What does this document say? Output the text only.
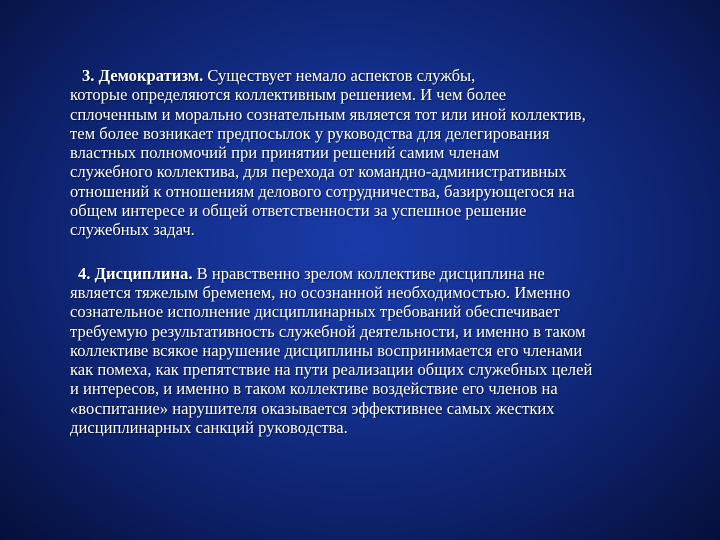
3. Демократизм. Существует немало аспектов службы,
которые определяются коллективным решением. И чем более
сплоченным и морально сознательным является тот или иной коллектив,
тем более возникает предпосылок у руководства для делегирования
властных полномочий при принятии решений самим членам
служебного коллектива, для перехода от командно-административных
отношений к отношениям делового сотрудничества, базирующегося на
общем интересе и общей ответственности за успешное решение
служебных задач.

4. Дисциплина. В нравственно зрелом коллективе дисциплина не
является тяжелым бременем, но осознанной необходимостью. Именно
сознательное исполнение дисциплинарных требований обеспечивает
требуемую результативность служебной деятельности, и именно в таком
коллективе всякое нарушение дисциплины воспринимается его членами
как помеха, как препятствие на пути реализации общих служебных целей
и интересов, и именно в таком коллективе воздействие его членов на
«воспитание» нарушителя оказывается эффективнее самых жестких
дисциплинарных санкций руководства.
